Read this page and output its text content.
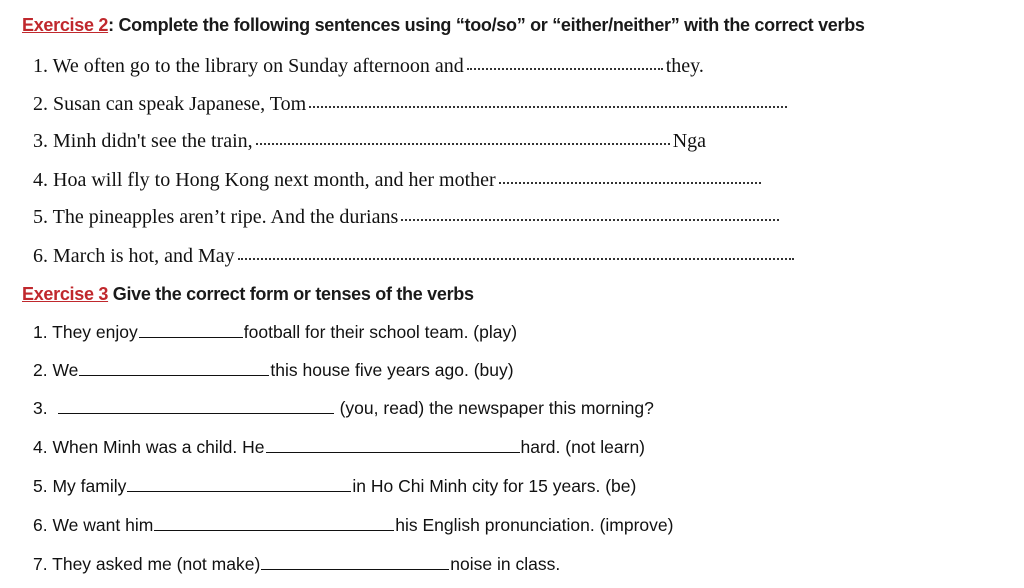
Exercise 2: Complete the following sentences using “too/so” or “either/neither” with the correct verbs
1. We often go to the library on Sunday afternoon and	they.
2. Susan can speak Japanese, Tom
3. Minh didn't see the train,	Nga
4. Hoa will fly to Hong Kong next month, and her mother
5. The pineapples aren’t ripe. And the durians
6. March is hot, and May
Exercise 3 Give the correct form or tenses of the verbs
1. They enjoy	football for their school team. (play)
2. We	this house five years ago. (buy)
3.	(you, read) the newspaper this morning?
4. When Minh was a child. He	hard. (not learn)
5. My family	in Ho Chi Minh city for 15 years. (be)
6. We want him	his English pronunciation. (improve)
7. They asked me (not make)	noise in class.
